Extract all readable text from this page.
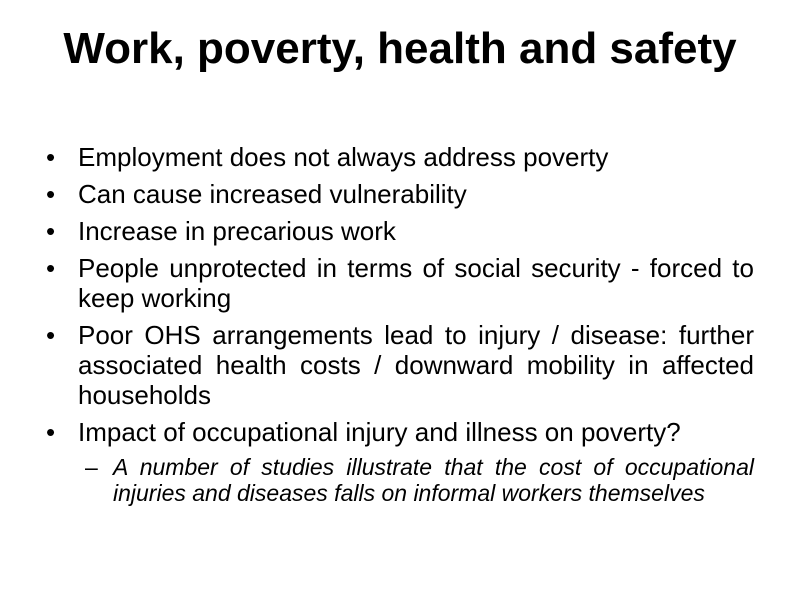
Work, poverty, health and safety
• Employment does not always address poverty
• Can cause increased vulnerability
• Increase in precarious work
• People unprotected in terms of social security - forced to keep working
• Poor OHS arrangements lead to injury / disease: further associated health costs / downward mobility in affected households
• Impact of occupational injury and illness on poverty?
– A number of studies illustrate that the cost of occupational injuries and diseases falls on informal workers themselves
